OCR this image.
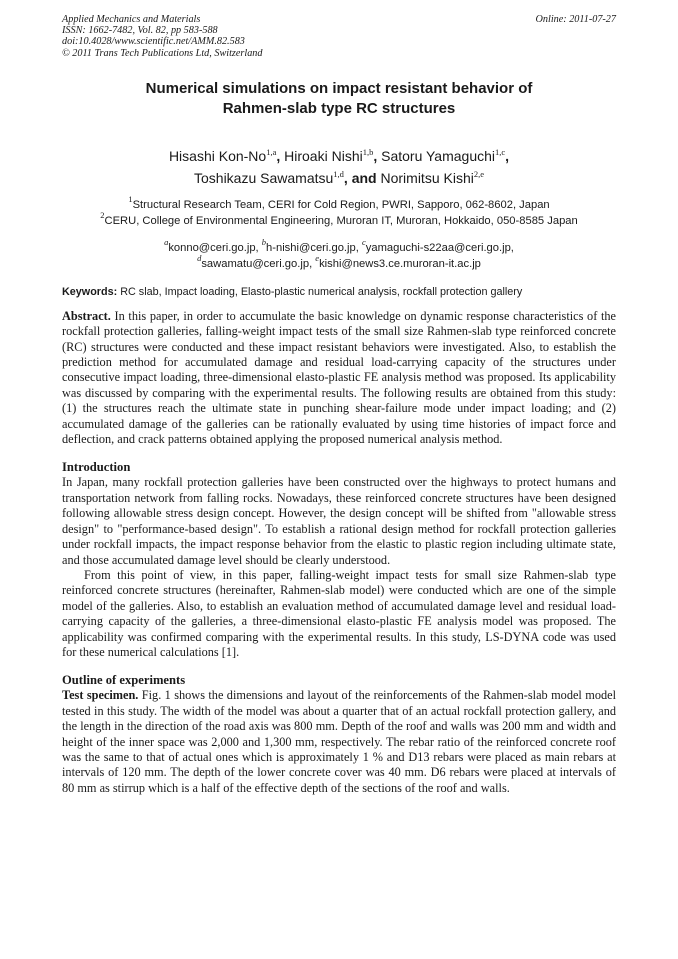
Applied Mechanics and Materials
ISSN: 1662-7482, Vol. 82, pp 583-588
doi:10.4028/www.scientific.net/AMM.82.583
© 2011 Trans Tech Publications Ltd, Switzerland
Online: 2011-07-27
Numerical simulations on impact resistant behavior of
Rahmen-slab type RC structures
Hisashi Kon-No$^{1,a}$, Hiroaki Nishi$^{1,b}$, Satoru Yamaguchi$^{1,c}$,
Toshikazu Sawamatsu$^{1,d}$, and Norimitsu Kishi$^{2,e}$
$^1$Structural Research Team, CERI for Cold Region, PWRI, Sapporo, 062-8602, Japan
$^2$CERU, College of Environmental Engineering, Muroran IT, Muroran, Hokkaido, 050-8585 Japan
$^a$konno@ceri.go.jp, $^b$h-nishi@ceri.go.jp, $^c$yamaguchi-s22aa@ceri.go.jp,
$^d$sawamatu@ceri.go.jp, $^e$kishi@news3.ce.muroran-it.ac.jp
Keywords: RC slab, Impact loading, Elasto-plastic numerical analysis, rockfall protection gallery
Abstract. In this paper, in order to accumulate the basic knowledge on dynamic response characteristics of the rockfall protection galleries, falling-weight impact tests of the small size Rahmen-slab type reinforced concrete (RC) structures were conducted and these impact resistant behaviors were investigated. Also, to establish the prediction method for accumulated damage and residual load-carrying capacity of the structures under consecutive impact loading, three-dimensional elasto-plastic FE analysis method was proposed. Its applicability was discussed by comparing with the experimental results. The following results are obtained from this study: (1) the structures reach the ultimate state in punching shear-failure mode under impact loading; and (2) accumulated damage of the galleries can be rationally evaluated by using time histories of impact force and deflection, and crack patterns obtained applying the proposed numerical analysis method.
Introduction

In Japan, many rockfall protection galleries have been constructed over the highways to protect humans and transportation network from falling rocks. Nowadays, these reinforced concrete structures have been designed following allowable stress design concept. However, the design concept will be shifted from "allowable stress design" to "performance-based design". To establish a rational design method for rockfall protection galleries under rockfall impacts, the impact response behavior from the elastic to plastic region including ultimate state, and those accumulated damage level should be clearly understood.

From this point of view, in this paper, falling-weight impact tests for small size Rahmen-slab type reinforced concrete structures (hereinafter, Rahmen-slab model) were conducted which are one of the simple model of the galleries. Also, to establish an evaluation method of accumulated damage level and residual load-carrying capacity of the galleries, a three-dimensional elasto-plastic FE analysis model was proposed. The applicability was confirmed comparing with the experimental results. In this study, LS-DYNA code was used for these numerical calculations [1].

Outline of experiments

Test specimen. Fig. 1 shows the dimensions and layout of the reinforcements of the Rahmen-slab model model tested in this study. The width of the model was about a quarter that of an actual rockfall protection gallery, and the length in the direction of the road axis was 800 mm. Depth of the roof and walls was 200 mm and width and height of the inner space was 2,000 and 1,300 mm, respectively. The rebar ratio of the reinforced concrete roof was the same to that of actual ones which is approximately 1 % and D13 rebars were placed as main rebars at intervals of 120 mm. The depth of the lower concrete cover was 40 mm. D6 rebars were placed at intervals of 80 mm as stirrup which is a half of the effective depth of the sections of the roof and walls.
